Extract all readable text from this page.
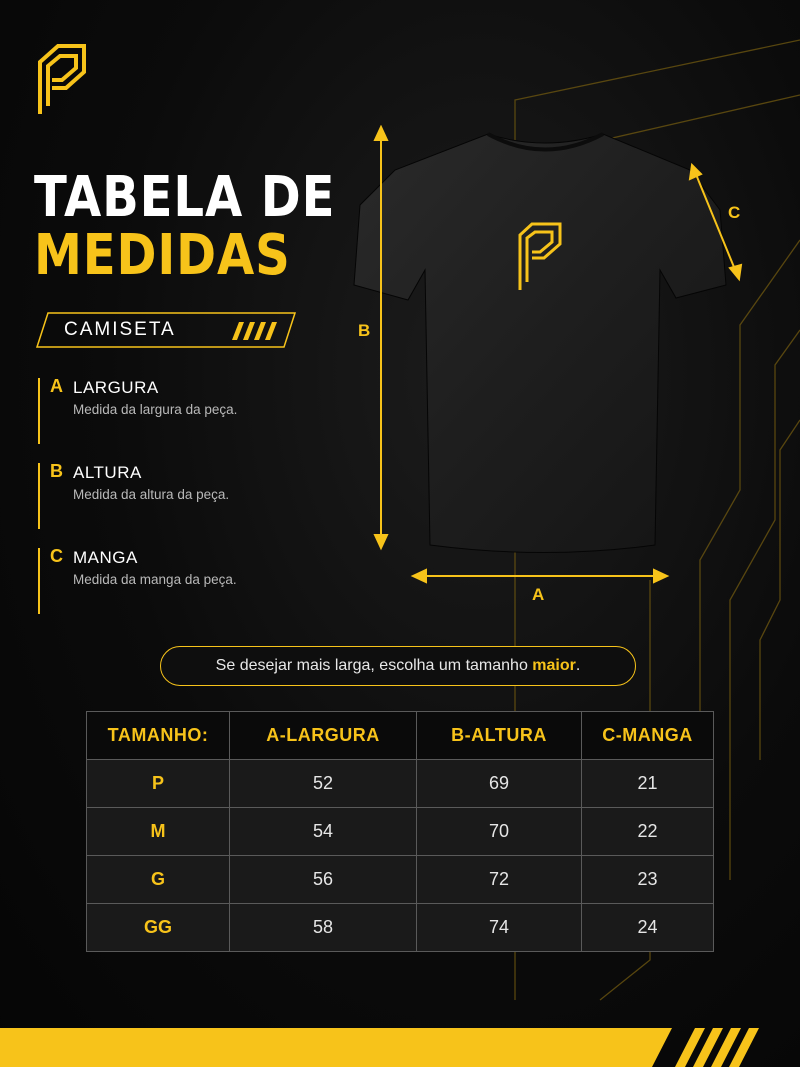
TABELA DE
MEDIDAS
CAMISETA
A LARGURA
Medida da largura da peça.
B ALTURA
Medida da altura da peça.
C MANGA
Medida da manga da peça.
B
A
C
Se desejar mais larga, escolha um tamanho maior.
TAMANHO:	A-LARGURA	B-ALTURA	C-MANGA
P	52	69	21
M	54	70	22
G	56	72	23
GG	58	74	24
